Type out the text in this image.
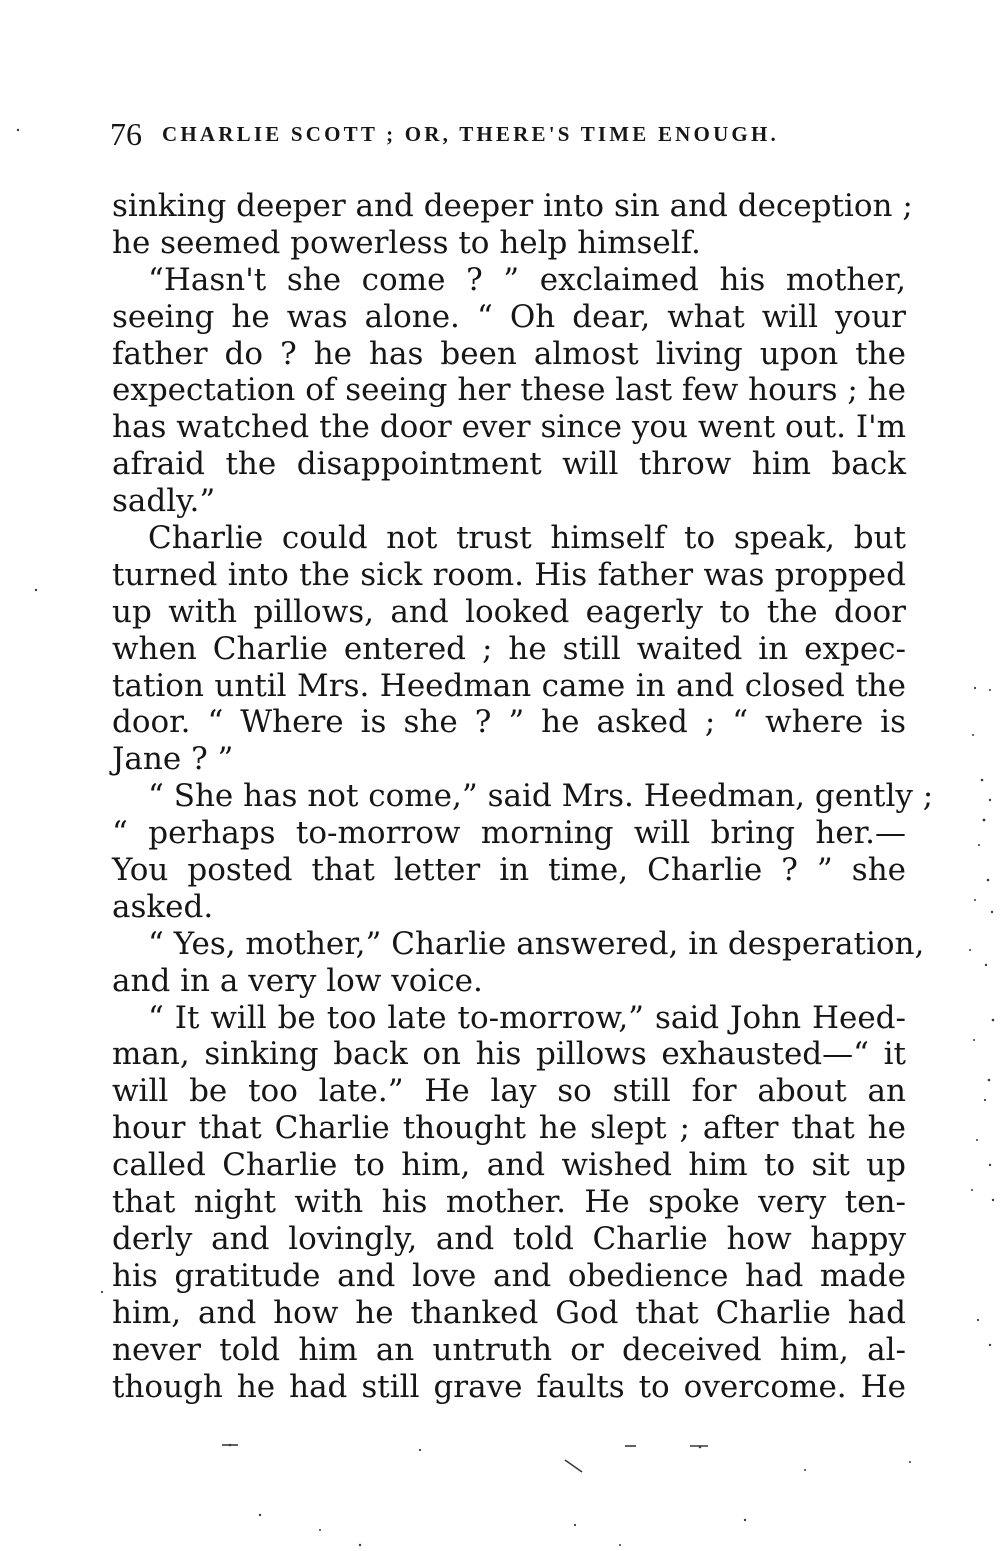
76 CHARLIE SCOTT ; OR, THERE'S TIME ENOUGH.
sinking deeper and deeper into sin and deception ;
he seemed powerless to help himself.
“Hasn't she come ? ” exclaimed his mother,
seeing he was alone. “ Oh dear, what will your
father do ? he has been almost living upon the
expectation of seeing her these last few hours ; he
has watched the door ever since you went out. I'm
afraid the disappointment will throw him back
sadly.”
Charlie could not trust himself to speak, but
turned into the sick room. His father was propped
up with pillows, and looked eagerly to the door
when Charlie entered ; he still waited in expec-
tation until Mrs. Heedman came in and closed the
door. “ Where is she ? ” he asked ; “ where is
Jane ? ”
“ She has not come,” said Mrs. Heedman, gently ;
“ perhaps to-morrow morning will bring her.—
You posted that letter in time, Charlie ? ” she
asked.
“ Yes, mother,” Charlie answered, in desperation,
and in a very low voice.
“ It will be too late to-morrow,” said John Heed-
man, sinking back on his pillows exhausted—“ it
will be too late.” He lay so still for about an
hour that Charlie thought he slept ; after that he
called Charlie to him, and wished him to sit up
that night with his mother. He spoke very ten-
derly and lovingly, and told Charlie how happy
his gratitude and love and obedience had made
him, and how he thanked God that Charlie had
never told him an untruth or deceived him, al-
though he had still grave faults to overcome. He
